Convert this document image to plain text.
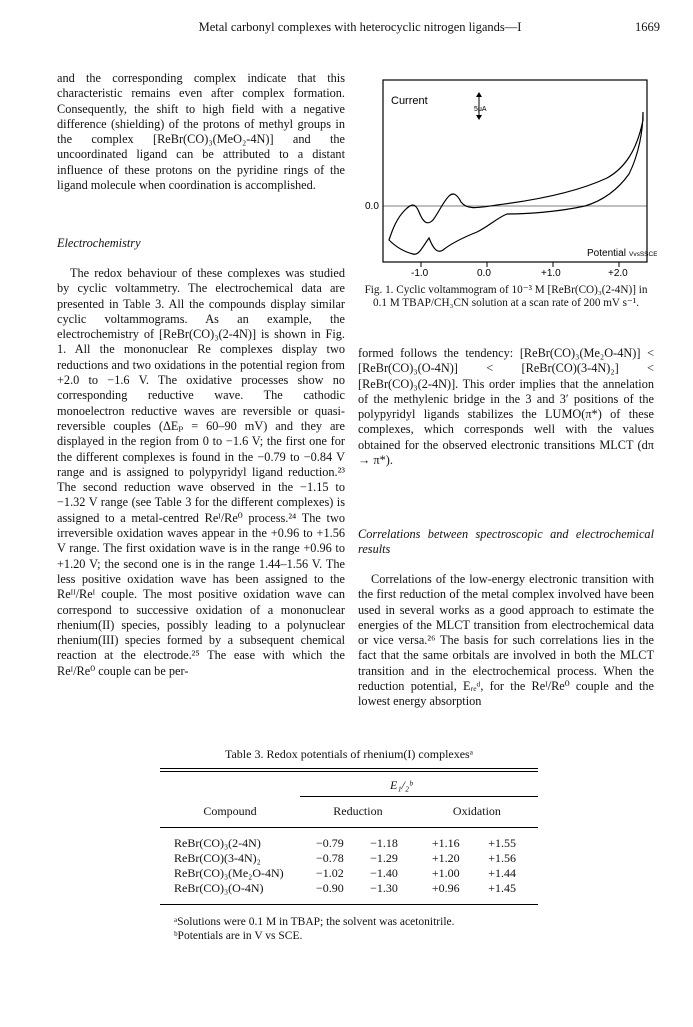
Metal carbonyl complexes with heterocyclic nitrogen ligands—I	1669

and the corresponding complex indicate that this characteristic remains even after complex formation. Consequently, the shift to high field with a negative difference (shielding) of the protons of methyl groups in the complex [ReBr(CO)₃(MeO₂-4N)] and the uncoordinated ligand can be attributed to a distant influence of these protons on the pyridine rings of the ligand molecule when coordination is accomplished.

Electrochemistry

The redox behaviour of these complexes was studied by cyclic voltammetry. The electrochemical data are presented in Table 3. All the compounds display similar cyclic voltammograms. As an example, the electrochemistry of [ReBr(CO)₃(2-4N)] is shown in Fig. 1. All the mononuclear Re complexes display two reductions and two oxidations in the potential region from +2.0 to −1.6 V. The oxidative processes show no corresponding reductive wave. The cathodic monoelectron reductive waves are reversible or quasi-reversible couples (ΔEₚ = 60–90 mV) and they are displayed in the region from 0 to −1.6 V; the first one for the different complexes is found in the −0.79 to −0.84 V range and is assigned to polypyridyl ligand reduction.²³ The second reduction wave observed in the −1.15 to −1.32 V range (see Table 3 for the different complexes) is assigned to a metal-centred Reᴵ/Re⁰ process.²⁴ The two irreversible oxidation waves appear in the +0.96 to +1.56 V range. The first oxidation wave is in the range +0.96 to +1.20 V; the second one is in the range 1.44–1.56 V. The less positive oxidation wave has been assigned to the Reᴵᴵ/Reᴵ couple. The most positive oxidation wave can correspond to successive oxidation of a mononuclear rhenium(II) species, possibly leading to a polynuclear rhenium(III) species formed by a subsequent chemical reaction at the electrode.²⁵ The ease with which the Reᴵ/Re⁰ couple can be per-

Current
5μA
0.0
Potential VvsSSCE
-1.0	0.0	+1.0	+2.0
Fig. 1. Cyclic voltammogram of 10⁻³ M [ReBr(CO)₃(2-4N)] in 0.1 M TBAP/CH₃CN solution at a scan rate of 200 mV s⁻¹.

formed follows the tendency: [ReBr(CO)₃(Me₂O-4N)] < [ReBr(CO)₃(O-4N)] < [ReBr(CO)(3-4N)₂] < [ReBr(CO)₃(2-4N)]. This order implies that the annelation of the methylenic bridge in the 3 and 3′ positions of the polypyridyl ligands stabilizes the LUMO(π*) of these complexes, which corresponds well with the values obtained for the observed electronic transitions MLCT (dπ → π*).

Correlations between spectroscopic and electrochemical results

Correlations of the low-energy electronic transition with the first reduction of the metal complex involved have been used in several works as a good approach to estimate the energies of the MLCT transition from electrochemical data or vice versa.²⁶ The basis for such correlations lies in the fact that the same orbitals are involved in both the MLCT transition and in the electrochemical process. When the reduction potential, Eᵣₑᵈ, for the Reᴵ/Re⁰ couple and the lowest energy absorption

Table 3. Redox potentials of rhenium(I) complexesᵃ
E₁/₂ᵇ
Compound	Reduction		Oxidation	

ReBr(CO)₃(2-4N)	−0.79	−1.18	+1.16	+1.55
ReBr(CO)(3-4N)₂	−0.78	−1.29	+1.20	+1.56
ReBr(CO)₃(Me₂O-4N)	−1.02	−1.40	+1.00	+1.44
ReBr(CO)₃(O-4N)	−0.90	−1.30	+0.96	+1.45

ᵃSolutions were 0.1 M in TBAP; the solvent was acetonitrile.
ᵇPotentials are in V vs SCE.
